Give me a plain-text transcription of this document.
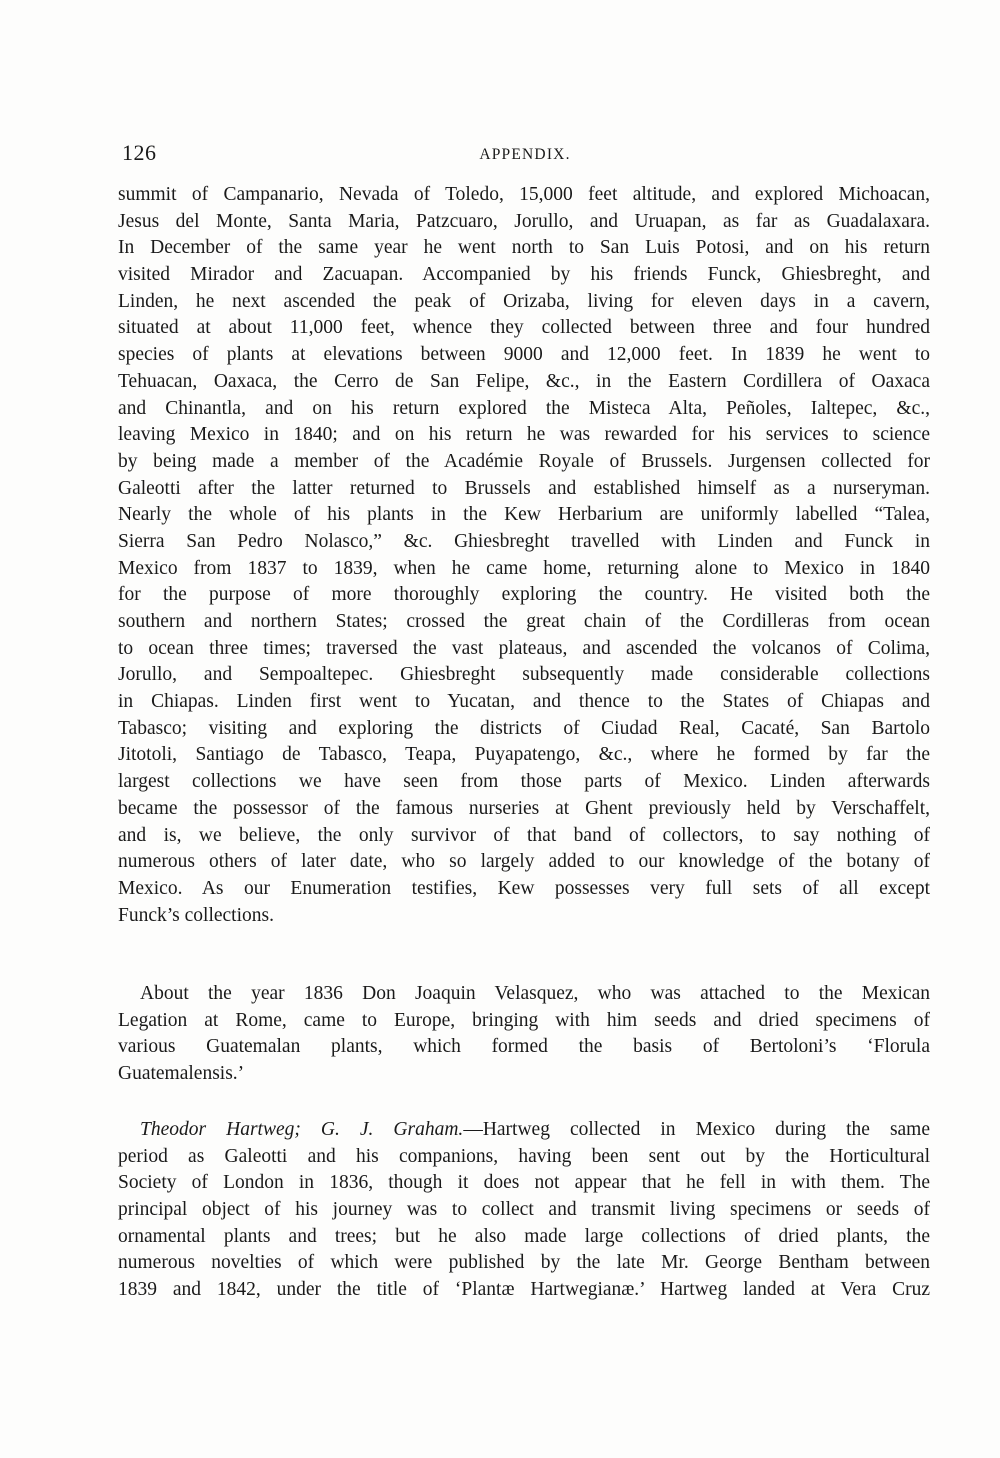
126	APPENDIX.
summit of Campanario, Nevada of Toledo, 15,000 feet altitude, and explored Michoacan,
Jesus del Monte, Santa Maria, Patzcuaro, Jorullo, and Uruapan, as far as Guadalaxara.
In December of the same year he went north to San Luis Potosi, and on his return
visited Mirador and Zacuapan. Accompanied by his friends Funck, Ghiesbreght, and
Linden, he next ascended the peak of Orizaba, living for eleven days in a cavern,
situated at about 11,000 feet, whence they collected between three and four hundred
species of plants at elevations between 9000 and 12,000 feet. In 1839 he went to
Tehuacan, Oaxaca, the Cerro de San Felipe, &c., in the Eastern Cordillera of Oaxaca
and Chinantla, and on his return explored the Misteca Alta, Peñoles, Ialtepec, &c.,
leaving Mexico in 1840; and on his return he was rewarded for his services to science
by being made a member of the Académie Royale of Brussels. Jurgensen collected for
Galeotti after the latter returned to Brussels and established himself as a nurseryman.
Nearly the whole of his plants in the Kew Herbarium are uniformly labelled “Talea,
Sierra San Pedro Nolasco,” &c. Ghiesbreght travelled with Linden and Funck in
Mexico from 1837 to 1839, when he came home, returning alone to Mexico in 1840
for the purpose of more thoroughly exploring the country. He visited both the
southern and northern States; crossed the great chain of the Cordilleras from ocean
to ocean three times; traversed the vast plateaus, and ascended the volcanos of Colima,
Jorullo, and Sempoaltepec. Ghiesbreght subsequently made considerable collections
in Chiapas. Linden first went to Yucatan, and thence to the States of Chiapas and
Tabasco; visiting and exploring the districts of Ciudad Real, Cacaté, San Bartolo
Jitotoli, Santiago de Tabasco, Teapa, Puyapatengo, &c., where he formed by far the
largest collections we have seen from those parts of Mexico. Linden afterwards
became the possessor of the famous nurseries at Ghent previously held by Verschaffelt,
and is, we believe, the only survivor of that band of collectors, to say nothing of
numerous others of later date, who so largely added to our knowledge of the botany of
Mexico. As our Enumeration testifies, Kew possesses very full sets of all except
Funck’s collections.
About the year 1836 Don Joaquin Velasquez, who was attached to the Mexican
Legation at Rome, came to Europe, bringing with him seeds and dried specimens of
various Guatemalan plants, which formed the basis of Bertoloni’s ‘Florula
Guatemalensis.’
Theodor Hartweg; G. J. Graham.—Hartweg collected in Mexico during the same
period as Galeotti and his companions, having been sent out by the Horticultural
Society of London in 1836, though it does not appear that he fell in with them. The
principal object of his journey was to collect and transmit living specimens or seeds of
ornamental plants and trees; but he also made large collections of dried plants, the
numerous novelties of which were published by the late Mr. George Bentham between
1839 and 1842, under the title of ‘Plantæ Hartwegianæ.’ Hartweg landed at Vera Cruz
